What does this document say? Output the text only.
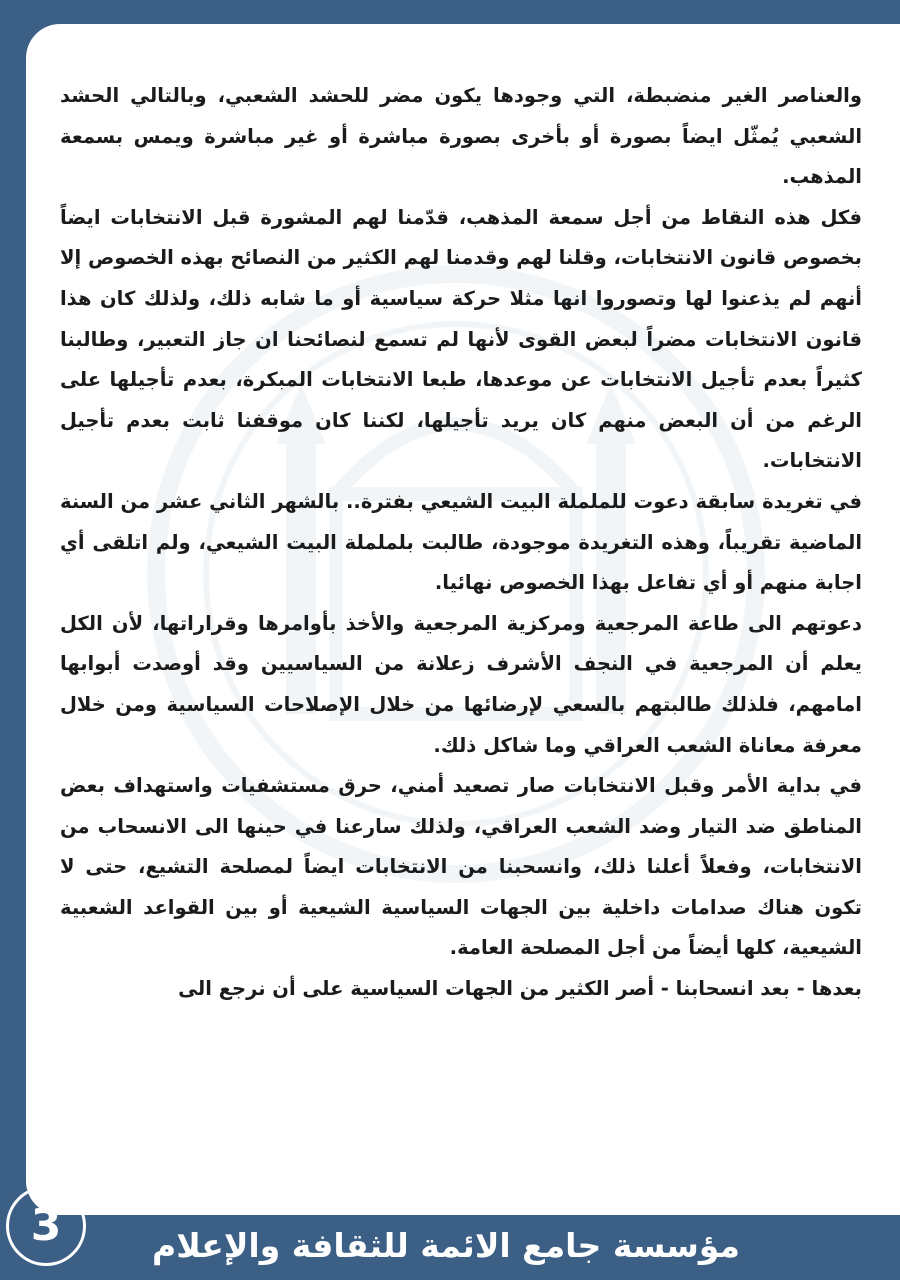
والعناصر الغير منضبطة، التي وجودها يكون مضر للحشد الشعبي، وبالتالي الحشد الشعبي يُمثّل ايضاً بصورة أو بأخرى بصورة مباشرة أو غير مباشرة ويمس بسمعة المذهب.

فكل هذه النقاط من أجل سمعة المذهب، قدّمنا لهم المشورة قبل الانتخابات ايضاً بخصوص قانون الانتخابات، وقلنا لهم وقدمنا لهم الكثير من النصائح بهذه الخصوص إلا أنهم لم يذعنوا لها وتصوروا انها مثلا حركة سياسية أو ما شابه ذلك، ولذلك كان هذا قانون الانتخابات مضراً لبعض القوى لأنها لم تسمع لنصائحنا ان جاز التعبير، وطالبنا كثيراً بعدم تأجيل الانتخابات عن موعدها، طبعا الانتخابات المبكرة، بعدم تأجيلها على الرغم من أن البعض منهم كان يريد تأجيلها، لكننا كان موقفنا ثابت بعدم تأجيل الانتخابات.

في تغريدة سابقة دعوت للململة البيت الشيعي بفترة.. بالشهر الثاني عشر من السنة الماضية تقريباً، وهذه التغريدة موجودة، طالبت بلململة البيت الشيعي، ولم اتلقى أي اجابة منهم أو أي تفاعل بهذا الخصوص نهائيا.

دعوتهم الى طاعة المرجعية ومركزية المرجعية والأخذ بأوامرها وقراراتها، لأن الكل يعلم أن المرجعية في النجف الأشرف زعلانة من السياسيين وقد أوصدت أبوابها امامهم، فلذلك طالبتهم بالسعي لإرضائها من خلال الإصلاحات السياسية ومن خلال معرفة معاناة الشعب العراقي وما شاكل ذلك.

في بداية الأمر وقبل الانتخابات صار تصعيد أمني، حرق مستشفيات واستهداف بعض المناطق ضد التيار وضد الشعب العراقي، ولذلك سارعنا في حينها الى الانسحاب من الانتخابات، وفعلاً أعلنا ذلك، وانسحبنا من الانتخابات ايضاً لمصلحة التشيع، حتى لا تكون هناك صدامات داخلية بين الجهات السياسية الشيعية أو بين القواعد الشعبية الشيعية، كلها أيضاً من أجل المصلحة العامة.

بعدها - بعد انسحابنا - أصر الكثير من الجهات السياسية على أن نرجع الى

3	مؤسسة جامع الائمة للثقافة والإعلام
